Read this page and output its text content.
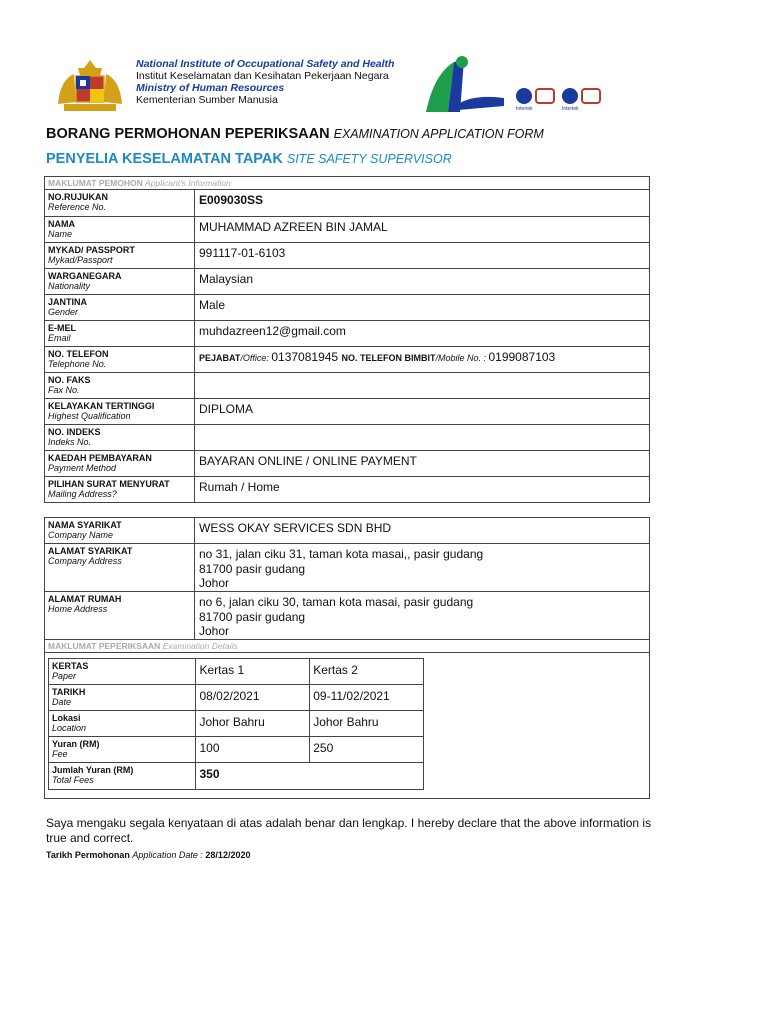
National Institute of Occupational Safety and Health
Institut Keselamatan dan Kesihatan Pekerjaan Negara
Ministry of Human Resources
Kementerian Sumber Manusia	NIOSH
Intertek	Intertek
BORANG PERMOHONAN PEPERIKSAAN EXAMINATION APPLICATION FORM
PENYELIA KESELAMATAN TAPAK SITE SAFETY SUPERVISOR
MAKLUMAT PEMOHON Applicant's Information	

NO.RUJUKAN
Reference No.	E009030SS

NAMA
Name	MUHAMMAD AZREEN BIN JAMAL

MYKAD/ PASSPORT
Mykad/Passport	991117-01-6103

WARGANEGARA
Nationality	Malaysian

JANTINA
Gender	Male

E-MEL
Email	muhdazreen12@gmail.com

NO. TELEFON
Telephone No.	PEJABAT/Office: 0137081945 NO. TELEFON BIMBIT/Mobile No. : 0199087103

NO. FAKS
Fax No.	

KELAYAKAN TERTINGGI
Highest Qualification	DIPLOMA

NO. INDEKS
Indeks No.	

KAEDAH PEMBAYARAN
Payment Method	BAYARAN ONLINE / ONLINE PAYMENT

PILIHAN SURAT MENYURAT
Mailing Address?	Rumah / Home
NAMA SYARIKAT
Company Name	WESS OKAY SERVICES SDN BHD

ALAMAT SYARIKAT
Company Address	no 31, jalan ciku 31, taman kota masai,, pasir gudang
81700 pasir gudang
Johor

ALAMAT RUMAH
Home Address	no 6, jalan ciku 30, taman kota masai, pasir gudang
81700 pasir gudang
Johor

MAKLUMAT PEPERIKSAAN Examination Details

KERTAS
Paper	Kertas 1	Kertas 2

TARIKH
Date	08/02/2021	09-11/02/2021

Lokasi
Location	Johor Bahru	Johor Bahru

Yuran (RM)
Fee	100	250

Jumlah Yuran (RM)
Total Fees	350
Saya mengaku segala kenyataan di atas adalah benar dan lengkap. I hereby declare that the above information is true and correct.
Tarikh Permohonan Application Date : 28/12/2020
